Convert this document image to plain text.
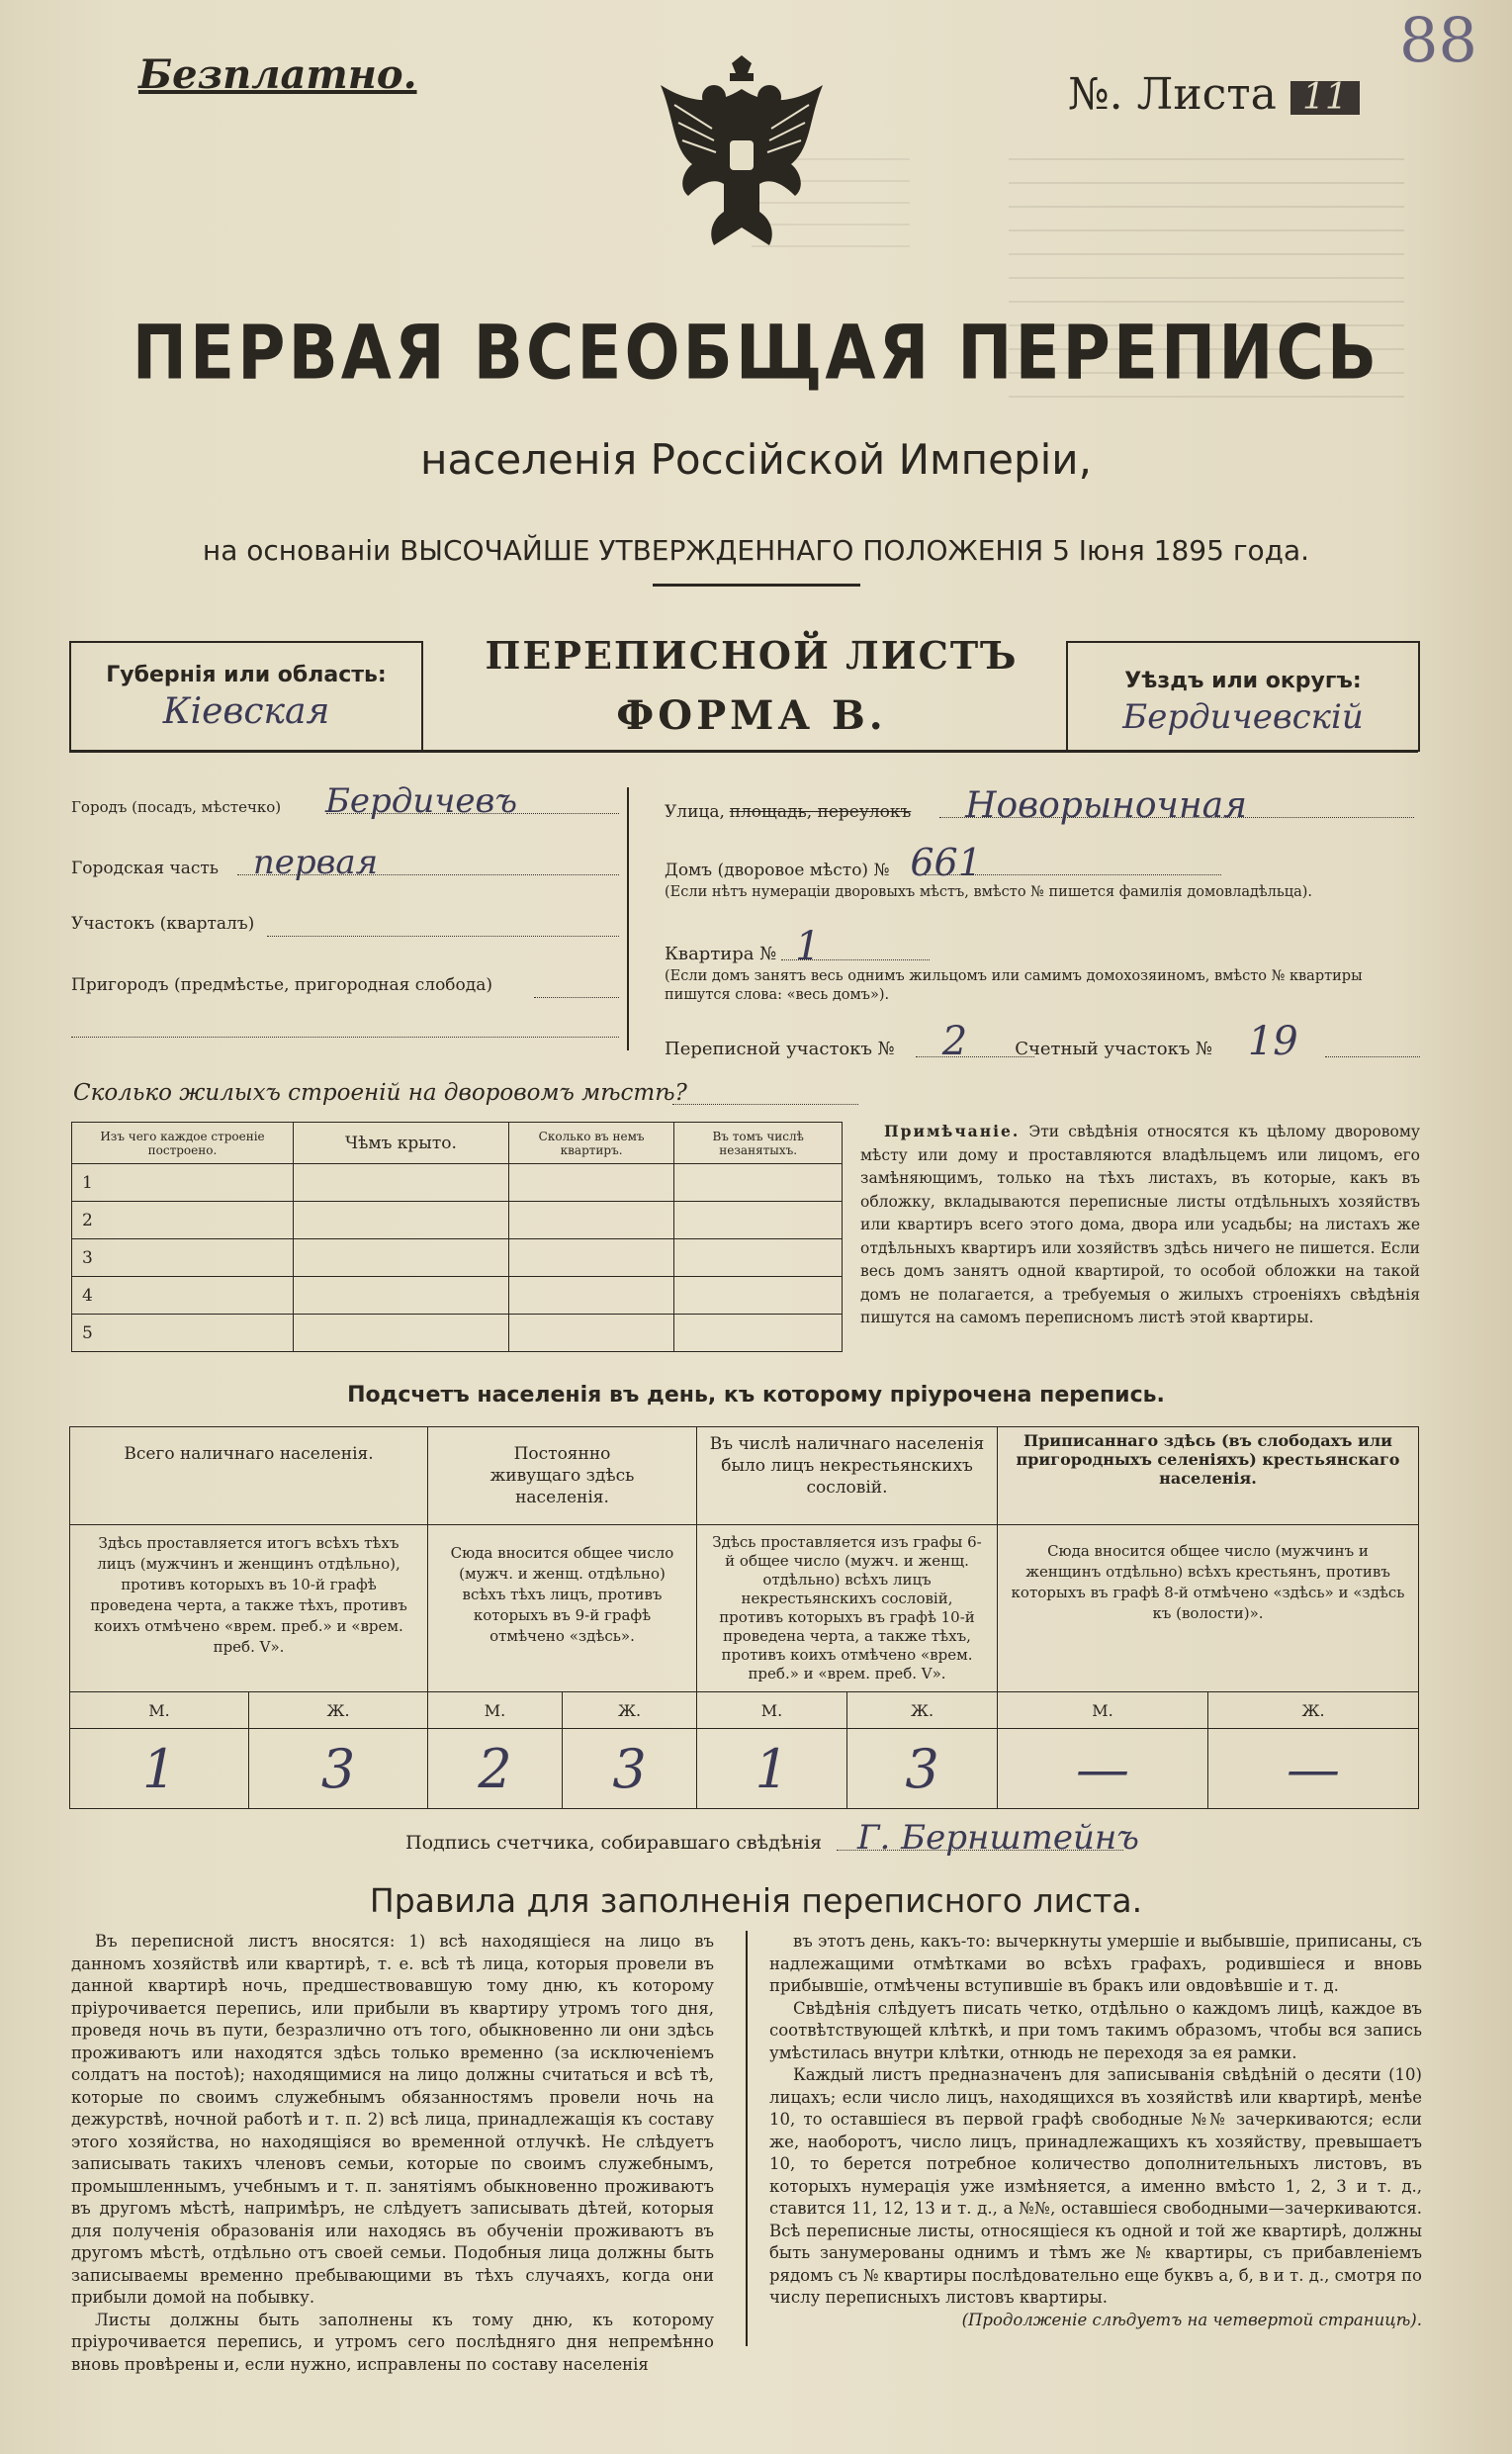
Безплатно.	№. Листа 11
88
ПЕРВАЯ ВСЕОБЩАЯ ПЕРЕПИСЬ
населенія Россійской Имперіи,
на основаніи ВЫСОЧАЙШЕ УТВЕРЖДЕННАГО ПОЛОЖЕНІЯ 5 Іюня 1895 года.
Губернія или область:
Кіевская
ПЕРЕПИСНОЙ ЛИСТЪ
ФОРМА В.
Уѣздъ или округъ:
Бердичевскій
Городъ (посадъ, мѣстечко) Бердичевъ
Городская часть первая
Участокъ (кварталъ)
Пригородъ (предмѣстье, пригородная слобода)
Улица, площадь, переулокъ Новорыночная
Домъ (дворовое мѣсто) № 661
(Если нѣтъ нумераціи дворовыхъ мѣстъ, вмѣсто № пишется фамилія домовладѣльца).
Квартира № 1
(Если домъ занятъ весь однимъ жильцомъ или самимъ домохозяиномъ, вмѣсто № квартиры пишутся слова: «весь домъ»).
Переписной участокъ № 2	Счетный участокъ № 19
Сколько жилыхъ строеній на дворовомъ мѣстѣ?
Изъ чего каждое строеніе построено.	Чѣмъ крыто.	Сколько въ немъ квартиръ.	Въ томъ числѣ незанятыхъ.
1			
2			
3			
4			
5			
Примѣчаніе. Эти свѣдѣнія относятся къ цѣлому дворовому мѣсту или дому и проставляются владѣльцемъ или лицомъ, его замѣняющимъ, только на тѣхъ листахъ, въ которые, какъ въ обложку, вкладываются переписные листы отдѣльныхъ хозяйствъ или квартиръ всего этого дома, двора или усадьбы; на листахъ же отдѣльныхъ квартиръ или хозяйствъ здѣсь ничего не пишется. Если весь домъ занятъ одной квартирой, то особой обложки на такой домъ не полагается, а требуемыя о жилыхъ строеніяхъ свѣдѣнія пишутся на самомъ переписномъ листѣ этой квартиры.
Подсчетъ населенія въ день, къ которому пріурочена перепись.
Всего наличнаго населенія.		Постоянно живущаго здѣсь населенія.		Въ числѣ наличнаго населенія было лицъ некрестьянскихъ сословій.		Приписаннаго здѣсь (въ слободахъ или пригородныхъ селеніяхъ) крестьянскаго населенія.	
Здѣсь проставляется итогъ всѣхъ тѣхъ лицъ (мужчинъ и женщинъ отдѣльно), противъ которыхъ въ 10-й графѣ проведена черта, а также тѣхъ, противъ коихъ отмѣчено «врем. преб.» и «врем. преб. V».		Сюда вносится общее число (мужч. и женщ. отдѣльно) всѣхъ тѣхъ лицъ, противъ которыхъ въ 9-й графѣ отмѣчено «здѣсь».		Здѣсь проставляется изъ графы 6-й общее число (мужч. и женщ. отдѣльно) всѣхъ лицъ некрестьянскихъ сословій, противъ которыхъ въ графѣ 10-й проведена черта, а также тѣхъ, противъ коихъ отмѣчено «врем. преб.» и «врем. преб. V».		Сюда вносится общее число (мужчинъ и женщинъ отдѣльно) всѣхъ крестьянъ, противъ которыхъ въ графѣ 8-й отмѣчено «здѣсь» и «здѣсь къ (волости)».	
М.	Ж.	М.	Ж.	М.	Ж.	М.	Ж.
1	3	2	3	1	3	—	—
Подпись счетчика, собиравшаго свѣдѣнія Г. Бернштейнъ
Правила для заполненія переписного листа.

Въ переписной листъ вносятся: 1) всѣ находящіеся на лицо въ данномъ хозяйствѣ или квартирѣ, т. е. всѣ тѣ лица, которыя провели въ данной квартирѣ ночь, предшествовавшую тому дню, къ которому пріурочивается перепись, или прибыли въ квартиру утромъ того дня, проведя ночь въ пути, безразлично отъ того, обыкновенно ли они здѣсь проживаютъ или находятся здѣсь только временно (за исключеніемъ солдатъ на постоѣ); находящимися на лицо должны считаться и всѣ тѣ, которые по своимъ служебнымъ обязанностямъ провели ночь на дежурствѣ, ночной работѣ и т. п. 2) всѣ лица, принадлежащія къ составу этого хозяйства, но находящіяся во временной отлучкѣ. Не слѣдуетъ записывать такихъ членовъ семьи, которые по своимъ служебнымъ, промышленнымъ, учебнымъ и т. п. занятіямъ обыкновенно проживаютъ въ другомъ мѣстѣ, напримѣръ, не слѣдуетъ записывать дѣтей, которыя для полученія образованія или находясь въ обученіи проживаютъ въ другомъ мѣстѣ, отдѣльно отъ своей семьи. Подобныя лица должны быть записываемы временно пребывающими въ тѣхъ случаяхъ, когда они прибыли домой на побывку.

Листы должны быть заполнены къ тому дню, къ которому пріурочивается перепись, и утромъ сего послѣдняго дня непремѣнно вновь провѣрены и, если нужно, исправлены по составу населенія

въ этотъ день, какъ-то: вычеркнуты умершіе и выбывшіе, приписаны, съ надлежащими отмѣтками во всѣхъ графахъ, родившіеся и вновь прибывшіе, отмѣчены вступившіе въ бракъ или овдовѣвшіе и т. д.

Свѣдѣнія слѣдуетъ писать четко, отдѣльно о каждомъ лицѣ, каждое въ соотвѣтствующей клѣткѣ, и при томъ такимъ образомъ, чтобы вся запись умѣстилась внутри клѣтки, отнюдь не переходя за ея рамки.

Каждый листъ предназначенъ для записыванія свѣдѣній о десяти (10) лицахъ; если число лицъ, находящихся въ хозяйствѣ или квартирѣ, менѣе 10, то оставшіеся въ первой графѣ свободные №№ зачеркиваются; если же, наоборотъ, число лицъ, принадлежащихъ къ хозяйству, превышаетъ 10, то берется потребное количество дополнительныхъ листовъ, въ которыхъ нумерація уже измѣняется, а именно вмѣсто 1, 2, 3 и т. д., ставится 11, 12, 13 и т. д., а №№, оставшіеся свободными—зачеркиваются. Всѣ переписные листы, относящіеся къ одной и той же квартирѣ, должны быть занумерованы однимъ и тѣмъ же № квартиры, съ прибавленіемъ рядомъ съ № квартиры послѣдовательно еще буквъ а, б, в и т. д., смотря по числу переписныхъ листовъ квартиры.

(Продолженіе слѣдуетъ на четвертой страницѣ).
